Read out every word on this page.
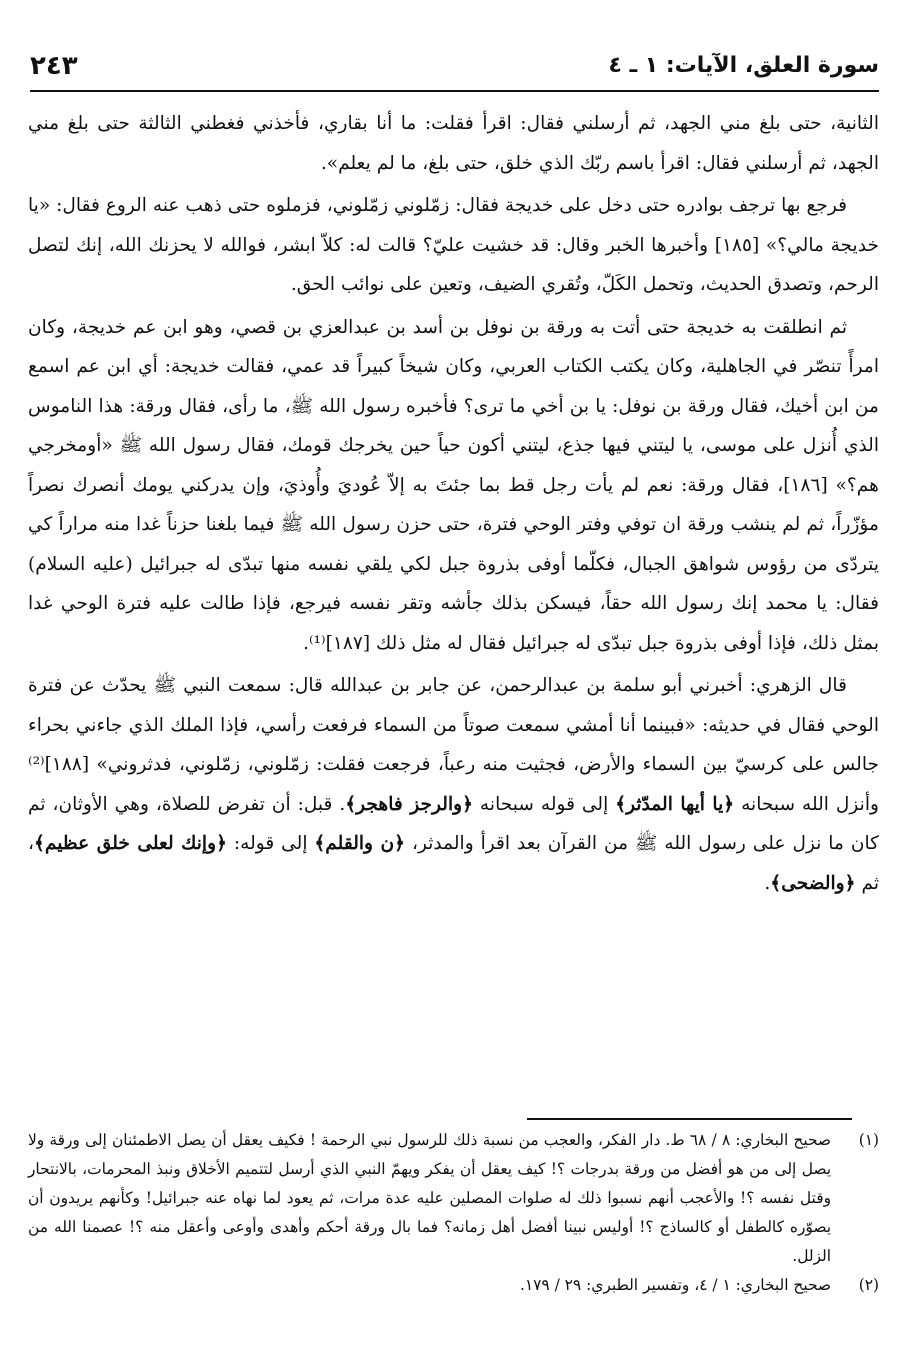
سورة العلق، الآيات: ١ ـ ٤
٢٤٣

الثانية، حتى بلغ مني الجهد، ثم أرسلني فقال: اقرأ فقلت: ما أنا بقاري، فأخذني فغطني الثالثة حتى بلغ مني الجهد، ثم أرسلني فقال: اقرأ باسم ربّك الذي خلق، حتى بلغ، ما لم يعلم».

فرجع بها ترجف بوادره حتى دخل على خديجة فقال: زمّلوني زمّلوني، فزملوه حتى ذهب عنه الروع فقال: «يا خديجة مالي؟» [١٨٥] وأخبرها الخبر وقال: قد خشيت عليّ؟ قالت له: كلاّ ابشر، فوالله لا يحزنك الله، إنك لتصل الرحم، وتصدق الحديث، وتحمل الكَلّ، وتُقري الضيف، وتعين على نوائب الحق.

ثم انطلقت به خديجة حتى أتت به ورقة بن نوفل بن أسد بن عبدالعزي بن قصي، وهو ابن عم خديجة، وكان امرأً تنصّر في الجاهلية، وكان يكتب الكتاب العربي، وكان شيخاً كبيراً قد عمي، فقالت خديجة: أي ابن عم اسمع من ابن أخيك، فقال ورقة بن نوفل: يا بن أخي ما ترى؟ فأخبره رسول الله ﷺ، ما رأى، فقال ورقة: هذا الناموس الذي أُنزل على موسى، يا ليتني فيها جذع، ليتني أكون حياً حين يخرجك قومك، فقال رسول الله ﷺ «أومخرجي هم؟» [١٨٦]، فقال ورقة: نعم لم يأت رجل قط بما جئتَ به إلاّ عُوديَ وأُوذيَ، وإن يدركني يومك أنصرك نصراً مؤزّراً، ثم لم ينشب ورقة ان توفي وفتر الوحي فترة، حتى حزن رسول الله ﷺ فيما بلغنا حزناً غدا منه مراراً كي يتردّى من رؤوس شواهق الجبال، فكلّما أوفى بذروة جبل لكي يلقي نفسه منها تبدّى له جبرائيل (عليه السلام) فقال: يا محمد إنك رسول الله حقاً، فيسكن بذلك جأشه وتقر نفسه فيرجع، فإذا طالت عليه فترة الوحي غدا بمثل ذلك، فإذا أوفى بذروة جبل تبدّى له جبرائيل فقال له مثل ذلك [١٨٧]⁽¹⁾.

قال الزهري: أخبرني أبو سلمة بن عبدالرحمن، عن جابر بن عبدالله قال: سمعت النبي ﷺ يحدّث عن فترة الوحي فقال في حديثه: «فبينما أنا أمشي سمعت صوتاً من السماء فرفعت رأسي، فإذا الملك الذي جاءني بحراء جالس على كرسيّ بين السماء والأرض، فجثيت منه رعباً، فرجعت فقلت: زمّلوني، زمّلوني، فدثروني» [١٨٨]⁽²⁾ وأنزل الله سبحانه ﴿يا أيها المدّثر﴾ إلى قوله سبحانه ﴿والرجز فاهجر﴾. قبل: أن تفرض للصلاة، وهي الأوثان، ثم كان ما نزل على رسول الله ﷺ من القرآن بعد اقرأ والمدثر، ﴿ن والقلم﴾ إلى قوله: ﴿وإنك لعلى خلق عظيم﴾، ثم ﴿والضحى﴾.

(١)
صحيح البخاري: ٨ / ٦٨ ط. دار الفكر، والعجب من نسبة ذلك للرسول نبي الرحمة ! فكيف يعقل أن يصل الاطمئنان إلى ورقة ولا يصل إلى من هو أفضل من ورقة بدرجات ؟! كيف يعقل أن يفكر ويهمّ النبي الذي أرسل لتتميم الأخلاق ونبذ المحرمات، بالانتحار وقتل نفسه ؟! والأعجب أنهم نسبوا ذلك له صلوات المصلين عليه عدة مرات، ثم يعود لما نهاه عنه جبرائيل! وكأنهم يريدون أن يصوّره كالطفل أو كالساذج ؟! أوليس نبينا أفضل أهل زمانه؟ فما بال ورقة أحكم وأهدى وأوعى وأعقل منه ؟! عصمنا الله من الزلل.
(٢)
صحيح البخاري: ١ / ٤، وتفسير الطبري: ٢٩ / ١٧٩.
